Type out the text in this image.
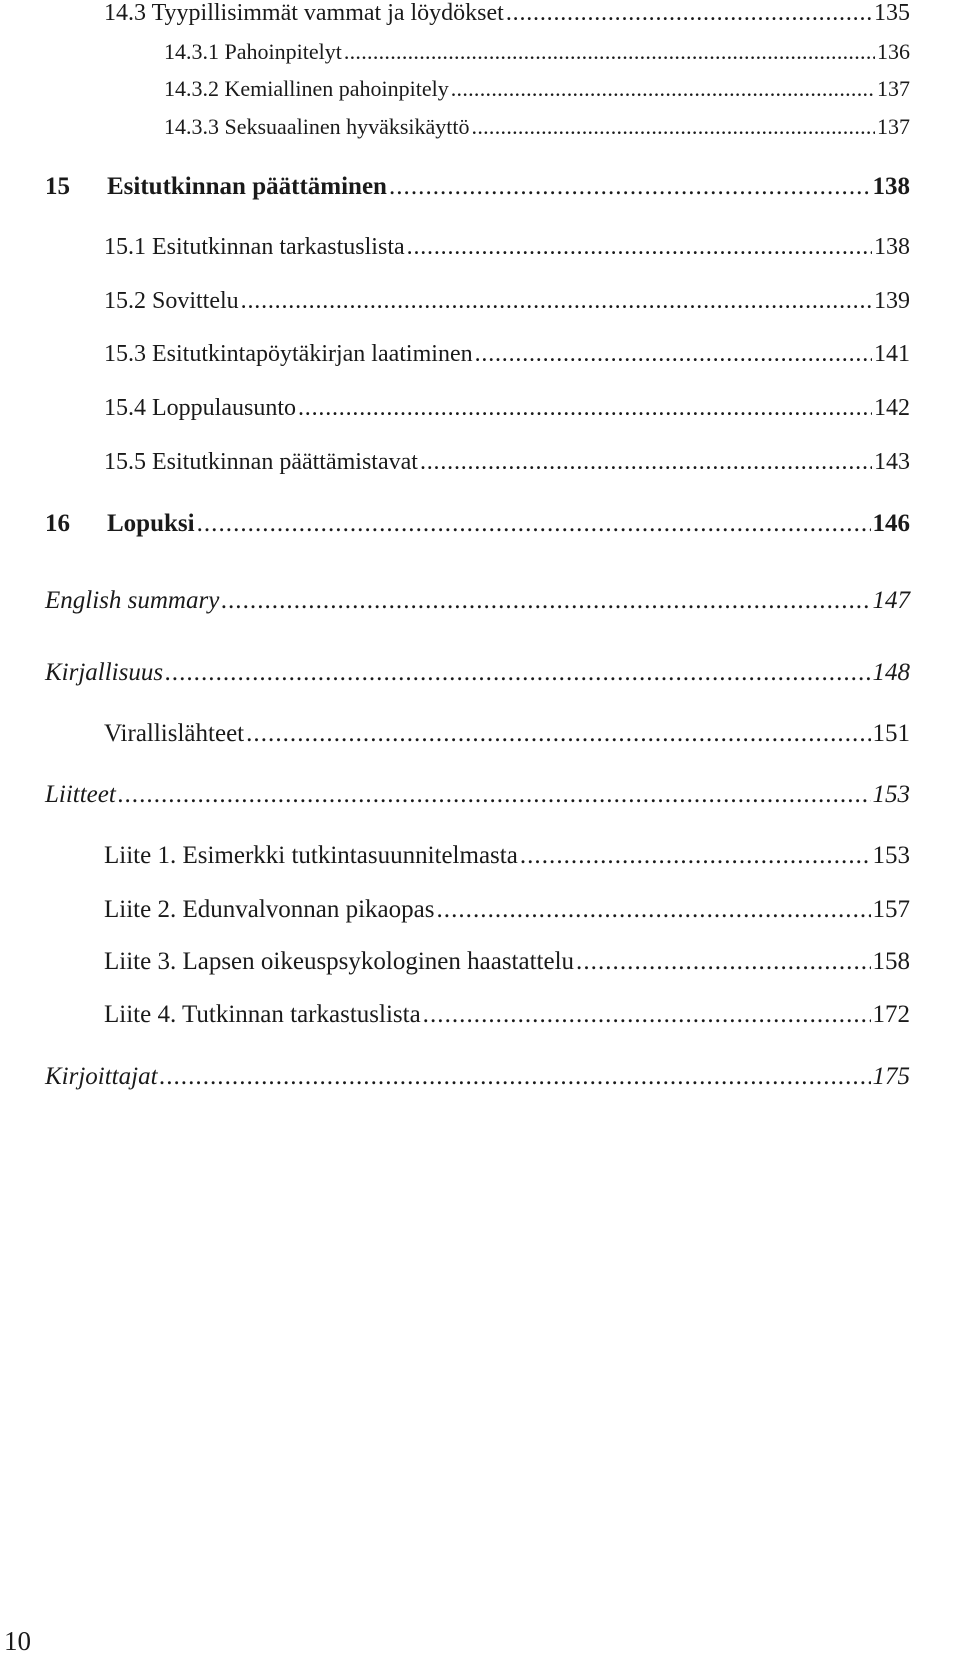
14.3 Tyypillisimmät vammat ja löydökset . . .	135
14.3.1 Pahoinpitelyt . . .	136
14.3.2 Kemiallinen pahoinpitely . . .	137
14.3.3 Seksuaalinen hyväksikäyttö . . .	137
15	Esitutkinnan päättäminen . . .	138
15.1 Esitutkinnan tarkastuslista . . .	138
15.2 Sovittelu . . .	139
15.3 Esitutkintapöytäkirjan laatiminen . . .	141
15.4 Loppulausunto . . .	142
15.5 Esitutkinnan päättämistavat . . .	143
16	Lopuksi . . .	146
English summary . . .	147
Kirjallisuus . . .	148
Virallislähteet . . .	151
Liitteet . . .	153
Liite 1. Esimerkki tutkintasuunnitelmasta . . .	153
Liite 2. Edunvalvonnan pikaopas . . .	157
Liite 3. Lapsen oikeuspsykologinen haastattelu . . .	158
Liite 4. Tutkinnan tarkastuslista . . .	172
Kirjoittajat . . .	175
10
